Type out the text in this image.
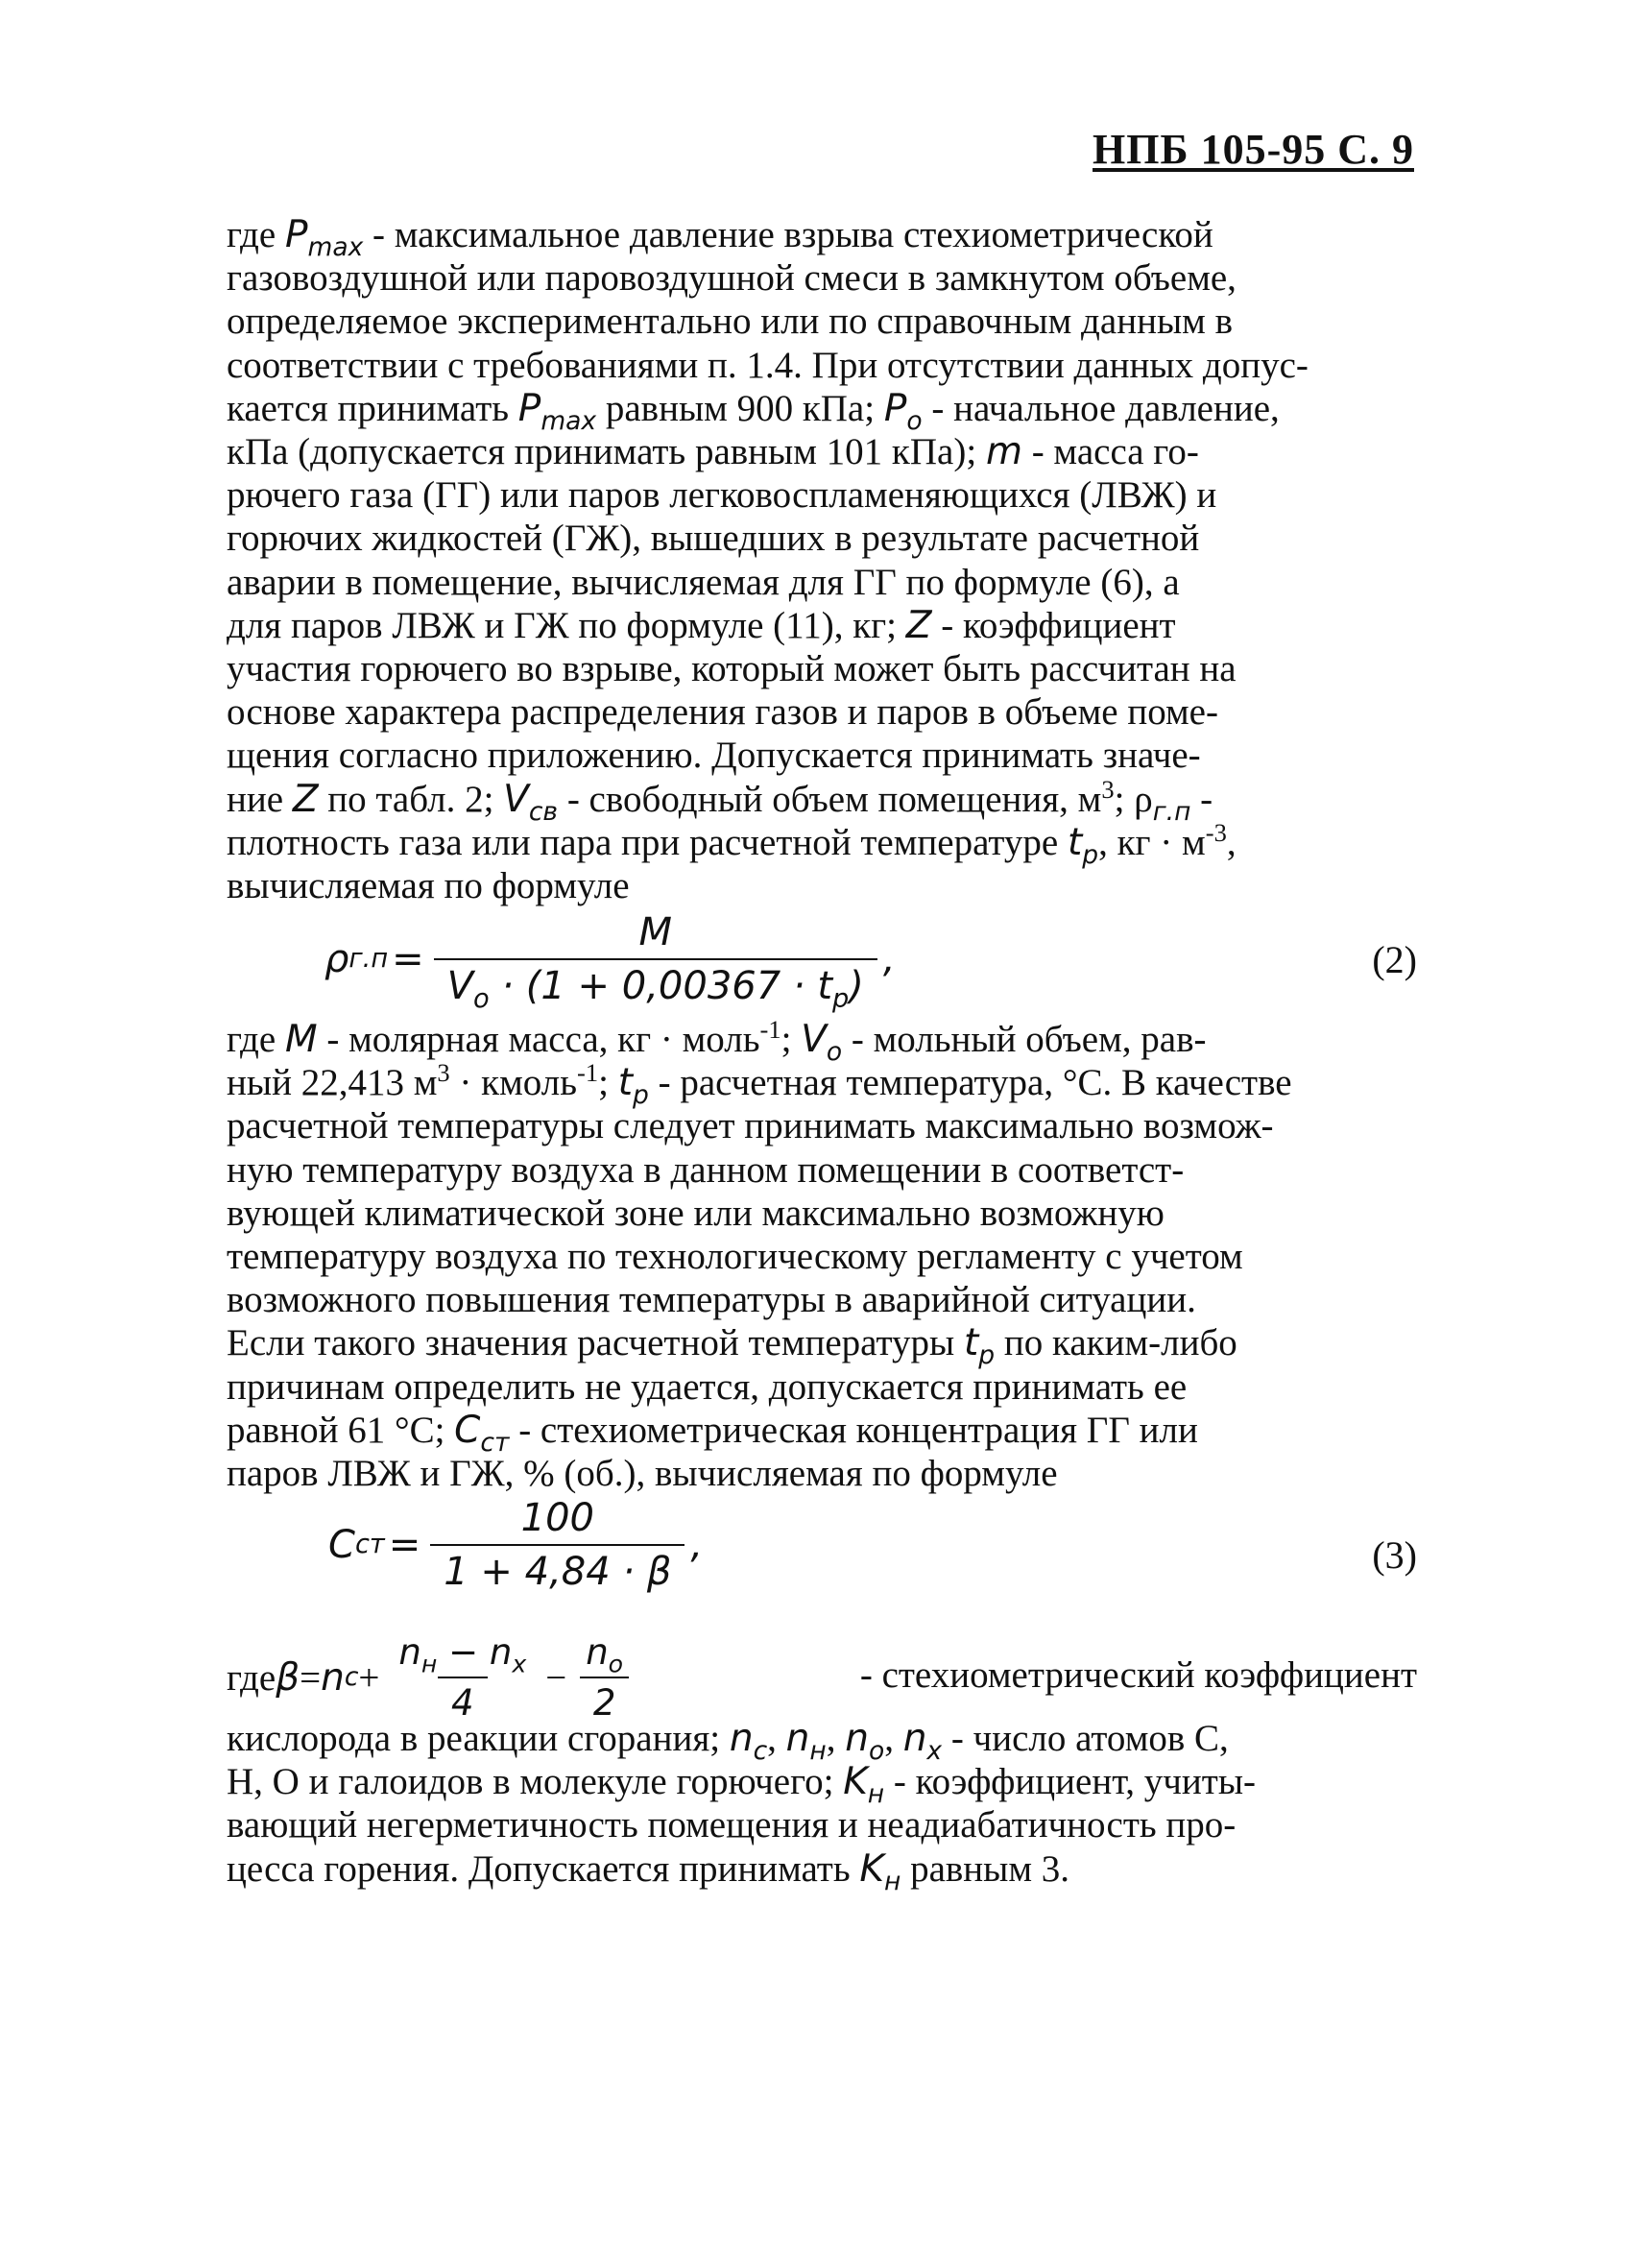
НПБ 105-95 С. 9
где $P_{max}$ - максимальное давление взрыва стехиометрической
газовоздушной или паровоздушной смеси в замкнутом объеме,
определяемое экспериментально или по справочным данным в
соответствии с требованиями п. 1.4. При отсутствии данных допус-
кается принимать $P_{max}$ равным 900 кПа; $P_o$ - начальное давление,
кПа (допускается принимать равным 101 кПа); m - масса го-
рючего газа (ГГ) или паров легковоспламеняющихся (ЛВЖ) и
горючих жидкостей (ГЖ), вышедших в результате расчетной
аварии в помещение, вычисляемая для ГГ по формуле (6), а
для паров ЛВЖ и ГЖ по формуле (11), кг; Z - коэффициент
участия горючего во взрыве, который может быть рассчитан на
основе характера распределения газов и паров в объеме поме-
щения согласно приложению. Допускается принимать значе-
ние Z по табл. 2; $V_{св}$ - свободный объем помещения, $м^3$; $\rho_{г.п}$ -
плотность газа или пара при расчетной температуре $t_p$, кг · $м^{-3}$,
вычисляемая по формуле
ρ $г.п = \frac{M}{V_o \cdot (1 + 0,00367 \cdot t_p)}$ ,	(2)
где M - молярная масса, кг · моль$^{-1}$; $V_o$ - мольный объем, рав-
ный 22,413 $м^3$ · кмоль$^{-1}$; $t_p$ - расчетная температура, °С. В качестве
расчетной температуры следует принимать максимально возмож-
ную температуру воздуха в данном помещении в соответст-
вующей климатической зоне или максимально возможную
температуру воздуха по технологическому регламенту с учетом
возможного повышения температуры в аварийной ситуации.
Если такого значения расчетной температуры $t_p$ по каким-либо
причинам определить не удается, допускается принимать ее
равной 61 °С; $C_{ст}$ - стехиометрическая концентрация ГГ или
паров ЛВЖ и ГЖ, % (об.), вычисляемая по формуле
C ст = $\frac{100}{1 + 4,84 \cdot \beta}$ ,	(3)
где β = n $c + \frac{n_н - n_x}{4} - \frac{n_o}{2}$	- стехиометрический коэффициент
кислорода в реакции сгорания; $n_c$, $n_н$, $n_o$, $n_x$ - число атомов С,
Н, О и галоидов в молекуле горючего; $K_н$ - коэффициент, учиты-
вающий негерметичность помещения и неадиабатичность про-
цесса горения. Допускается принимать $K_н$ равным 3.
